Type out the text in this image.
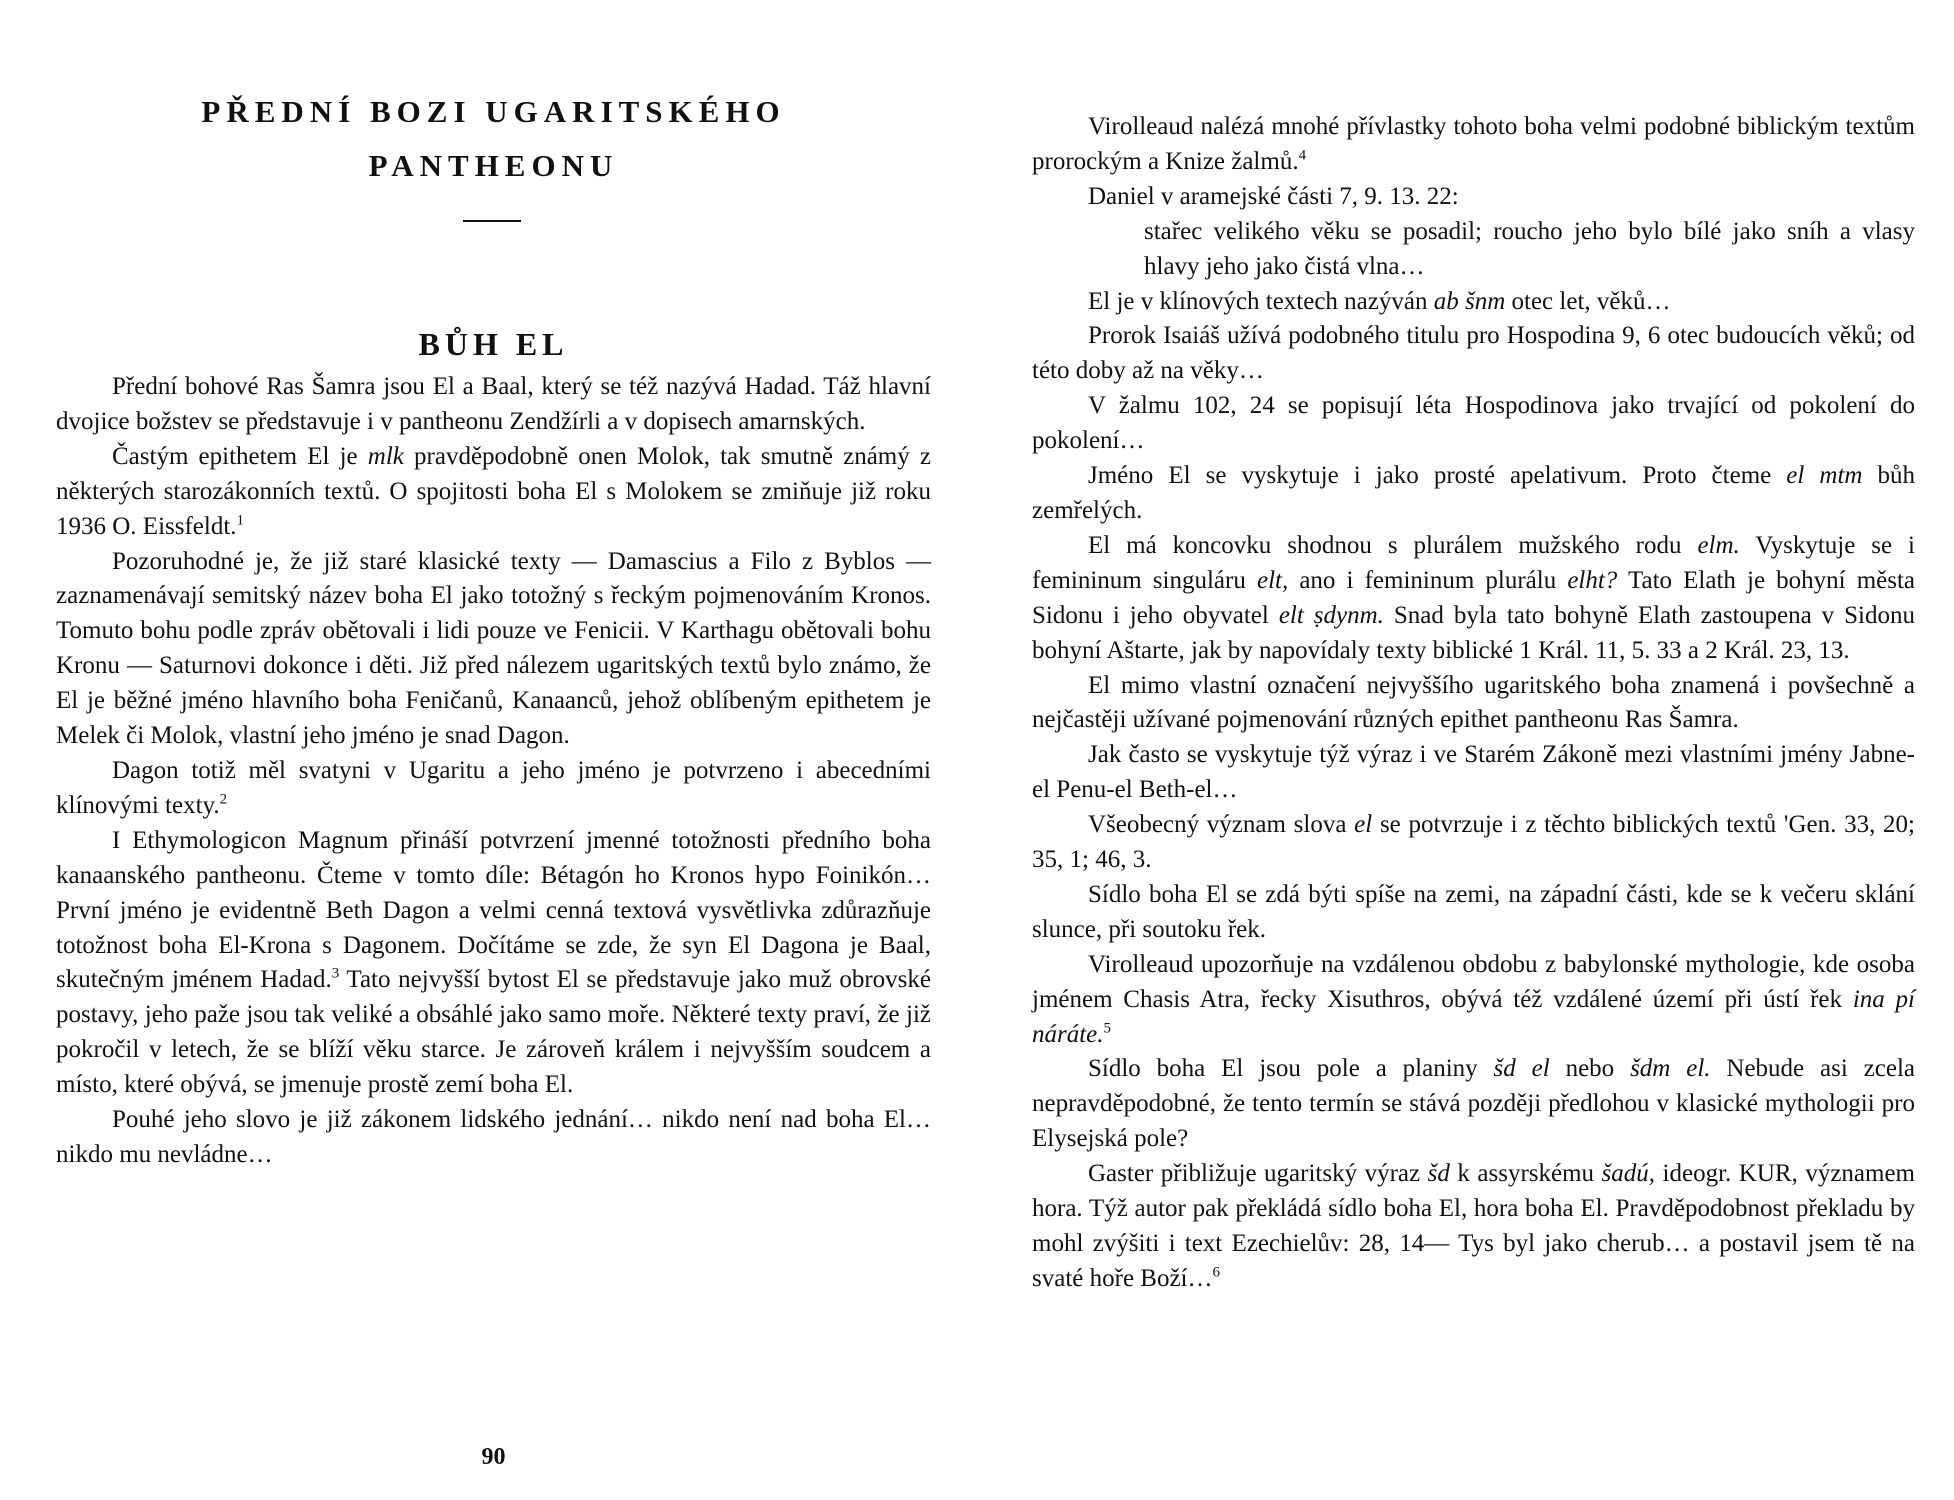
PŘEDNÍ BOZI UGARITSKÉHO
PANTHEONU
BŮH EL

Přední bohové Ras Šamra jsou El a Baal, který se též nazývá Hadad. Táž hlavní dvojice božstev se představuje i v pantheonu Zendžírli a v dopisech amarnských.

Častým epithetem El je mlk pravděpodobně onen Molok, tak smutně známý z některých starozákonních textů. O spojitosti boha El s Molokem se zmiňuje již roku 1936 O. Eissfeldt.$^1$

Pozoruhodné je, že již staré klasické texty — Damascius a Filo z Byblos — zaznamenávají semitský název boha El jako totožný s řeckým pojmenováním Kronos. Tomuto bohu podle zpráv obětovali i lidi pouze ve Fenicii. V Karthagu obětovali bohu Kronu — Saturnovi dokonce i děti. Již před nálezem ugaritských textů bylo známo, že El je běžné jméno hlavního boha Feničanů, Kanaanců, jehož oblíbeným epithetem je Melek či Molok, vlastní jeho jméno je snad Dagon.

Dagon totiž měl svatyni v Ugaritu a jeho jméno je potvrzeno i abecedními klínovými texty.$^2$

I Ethymologicon Magnum přináší potvrzení jmenné totožnosti předního boha kanaanského pantheonu. Čteme v tomto díle: Bétagón ho Kronos hypo Foinikón… První jméno je evidentně Beth Dagon a velmi cenná textová vysvětlivka zdůrazňuje totožnost boha El-Krona s Dagonem. Dočítáme se zde, že syn El Dagona je Baal, skutečným jménem Hadad.$^3$ Tato nejvyšší bytost El se představuje jako muž obrovské postavy, jeho paže jsou tak veliké a obsáhlé jako samo moře. Některé texty praví, že již pokročil v letech, že se blíží věku starce. Je zároveň králem i nejvyšším soudcem a místo, které obývá, se jmenuje prostě zemí boha El.

Pouhé jeho slovo je již zákonem lidského jednání… nikdo není nad boha El… nikdo mu nevládne…

90

Virolleaud nalézá mnohé přívlastky tohoto boha velmi podobné biblickým textům prorockým a Knize žalmů.$^4$

Daniel v aramejské části 7, 9. 13. 22:

stařec velikého věku se posadil; roucho jeho bylo bílé jako sníh a vlasy hlavy jeho jako čistá vlna…

El je v klínových textech nazýván ab šnm otec let, věků…

Prorok Isaiáš užívá podobného titulu pro Hospodina 9, 6 otec budoucích věků; od této doby až na věky…

V žalmu 102, 24 se popisují léta Hospodinova jako trvající od pokolení do pokolení…

Jméno El se vyskytuje i jako prosté apelativum. Proto čteme el mtm bůh zemřelých.

El má koncovku shodnou s plurálem mužského rodu elm. Vyskytuje se i femininum singuláru elt, ano i femininum plurálu elht? Tato Elath je bohyní města Sidonu i jeho obyvatel elt ṣdynm. Snad byla tato bohyně Elath zastoupena v Sidonu bohyní Aštarte, jak by napovídaly texty biblické 1 Král. 11, 5. 33 a 2 Král. 23, 13.

El mimo vlastní označení nejvyššího ugaritského boha znamená i povšechně a nejčastěji užívané pojmenování různých epithet pantheonu Ras Šamra.

Jak často se vyskytuje týž výraz i ve Starém Zákoně mezi vlastními jmény Jabne-el Penu-el Beth-el…

Všeobecný význam slova el se potvrzuje i z těchto biblických textů 'Gen. 33, 20; 35, 1; 46, 3.

Sídlo boha El se zdá býti spíše na zemi, na západní části, kde se k večeru sklání slunce, při soutoku řek.

Virolleaud upozorňuje na vzdálenou obdobu z babylonské mythologie, kde osoba jménem Chasis Atra, řecky Xisuthros, obývá též vzdálené území při ústí řek ina pí náráte.$^5$

Sídlo boha El jsou pole a planiny šd el nebo šdm el. Nebude asi zcela nepravděpodobné, že tento termín se stává později předlohou v klasické mythologii pro Elysejská pole?

Gaster přibližuje ugaritský výraz šd k assyrskému šadú, ideogr. KUR, významem hora. Týž autor pak překládá sídlo boha El, hora boha El. Pravděpodobnost překladu by mohl zvýšiti i text Ezechielův: 28, 14— Tys byl jako cherub… a postavil jsem tě na svaté hoře Boží…$^6$
